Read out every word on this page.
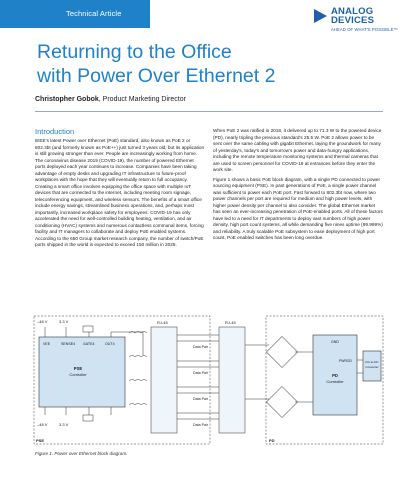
Technical Article	ANALOG
DEVICES
AHEAD OF WHAT'S POSSIBLE™
Returning to the Office
with Power Over Ethernet 2
Christopher Gobok, Product Marketing Director
Introduction

IEEE's latest Power over Ethernet (PoE) standard, also known as PoE 2 or 802.3bt (and formerly known as PoE++) just turned 3 years old, but its application is still growing stronger than ever. People are increasingly working from home. The coronavirus disease 2019 (COVID-19), the number of powered Ethernet ports deployed each year continues to increase. Companies have been taking advantage of empty desks and upgrading IT infrastructure to future-proof workplaces with the hope that they will eventually return to full occupancy. Creating a smart office involves equipping the office space with multiple IoT devices that are connected to the internet, including meeting room signage, teleconferencing equipment, and wireless sensors. The benefits of a smart office include energy savings, streamlined business operations, and, perhaps most importantly, increased workplace safety for employees. COVID-19 has only accelerated the need for well-controlled building heating, ventilation, and air conditioning (HVAC) systems and numerous contactless communal items, forcing facility and IT managers to collaborate and deploy PoE enabled systems. According to the 650 Group market research company, the number of switch/PoE ports shipped in the world is expected to exceed 150 million in 2025.

When PoE 2 was ratified in 2018, it delivered up to 71.3 W to the powered device (PD), nearly tripling the previous standard's 25.5 W. PoE 2 allows power to be sent over the same cabling with gigabit Ethernet, laying the groundwork for many of yesterday's, today's and tomorrow's power and data-hungry applications, including the remote temperature monitoring systems and thermal cameras that are used to screen personnel for COVID-19 at entrances before they enter the work site.

Figure 1 shows a basic PoE block diagram, with a single PD connected to power sourcing equipment (PSE). In past generations of PoE, a single power channel was sufficient to power each PoE port. Fast forward to 802.3bt now, where two power channels per port are required for medium and high power levels, with higher power density per channel to also consider. The global Ethernet market has seen an ever-increasing penetration of PoE-enabled ports. All of these factors have led to a need for IT departments to deploy vast numbers of high power density, high port count systems, all while demanding five nines uptime (99.999%) and reliability. A truly scalable PoE subsystem to ease deployment of high port count, PoE enabled switches has been long overdue.

–48 V	3.3 V
–48 V	3.3 V
VEE	SENSE4 GATE4	OUT4
PSE
Controller
RJ-45
Data Pair
Data Pair
Data Pair
Data Pair
RJ-45
GND
PWRGD
PD
Controller
DC-to-DC
Converter
PSE	PD
Figure 1. Power over Ethernet block diagram.
